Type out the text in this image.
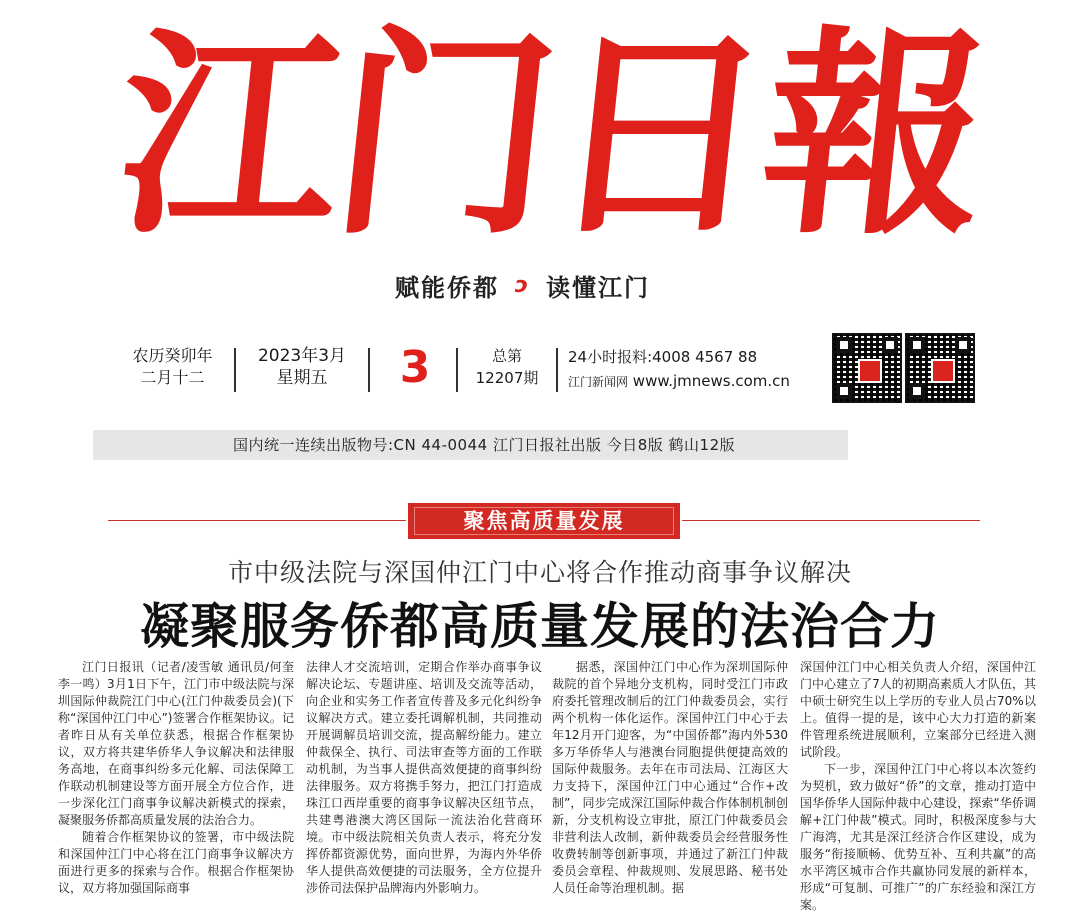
江
门
日
報
赋能侨都 ↄ 读懂江门
农历癸卯年
二月十二
2023年3月
星期五	3	总第
12207期
24小时报料:4008 4567 88
江门新闻网 www.jmnews.com.cn
国内统一连续出版物号:CN 44-0044 江门日报社出版 今日8版 鹤山12版
聚焦高质量发展
市中级法院与深国仲江门中心将合作推动商事争议解决
凝聚服务侨都高质量发展的法治合力

江门日报讯（记者/凌雪敏 通讯员/何奎 李一鸣）3月1日下午，江门市中级法院与深圳国际仲裁院江门中心(江门仲裁委员会)(下称“深国仲江门中心”)签署合作框架协议。记者昨日从有关单位获悉，根据合作框架协议，双方将共建华侨华人争议解决和法律服务高地，在商事纠纷多元化解、司法保障工作联动机制建设等方面开展全方位合作，进一步深化江门商事争议解决新模式的探索，凝聚服务侨都高质量发展的法治合力。

随着合作框架协议的签署，市中级法院和深国仲江门中心将在江门商事争议解决方面进行更多的探索与合作。根据合作框架协议，双方将加强国际商事

法律人才交流培训，定期合作举办商事争议解决论坛、专题讲座、培训及交流等活动，向企业和实务工作者宣传普及多元化纠纷争议解决方式。建立委托调解机制，共同推动开展调解员培训交流，提高解纷能力。建立仲裁保全、执行、司法审查等方面的工作联动机制，为当事人提供高效便捷的商事纠纷法律服务。双方将携手努力，把江门打造成珠江口西岸重要的商事争议解决区纽节点，共建粤港澳大湾区国际一流法治化营商环境。市中级法院相关负责人表示，将充分发挥侨都资源优势，面向世界，为海内外华侨华人提供高效便捷的司法服务，全方位提升涉侨司法保护品牌海内外影响力。

据悉，深国仲江门中心作为深圳国际仲裁院的首个异地分支机构，同时受江门市政府委托管理改制后的江门仲裁委员会，实行两个机构一体化运作。深国仲江门中心于去年12月开门迎客，为“中国侨都”海内外530多万华侨华人与港澳台同胞提供便捷高效的国际仲裁服务。去年在市司法局、江海区大力支持下，深国仲江门中心通过“合作+改制”，同步完成深江国际仲裁合作体制机制创新，分支机构设立审批，原江门仲裁委员会非营利法人改制，新仲裁委员会经营服务性收费转制等创新事项，并通过了新江门仲裁委员会章程、仲裁规则、发展思路、秘书处人员任命等治理机制。据

深国仲江门中心相关负责人介绍，深国仲江门中心建立了7人的初期高素质人才队伍，其中硕士研究生以上学历的专业人员占70%以上。值得一提的是，该中心大力打造的新案件管理系统进展顺利，立案部分已经进入测试阶段。

下一步，深国仲江门中心将以本次签约为契机，致力做好“侨”的文章，推动打造中国华侨华人国际仲裁中心建设，探索“华侨调解+江门仲裁”模式。同时，积极深度参与大广海湾，尤其是深江经济合作区建设，成为服务“衔接顺畅、优势互补、互利共赢”的高水平湾区城市合作共赢协同发展的新样本，形成“可复制、可推广”的广东经验和深江方案。
